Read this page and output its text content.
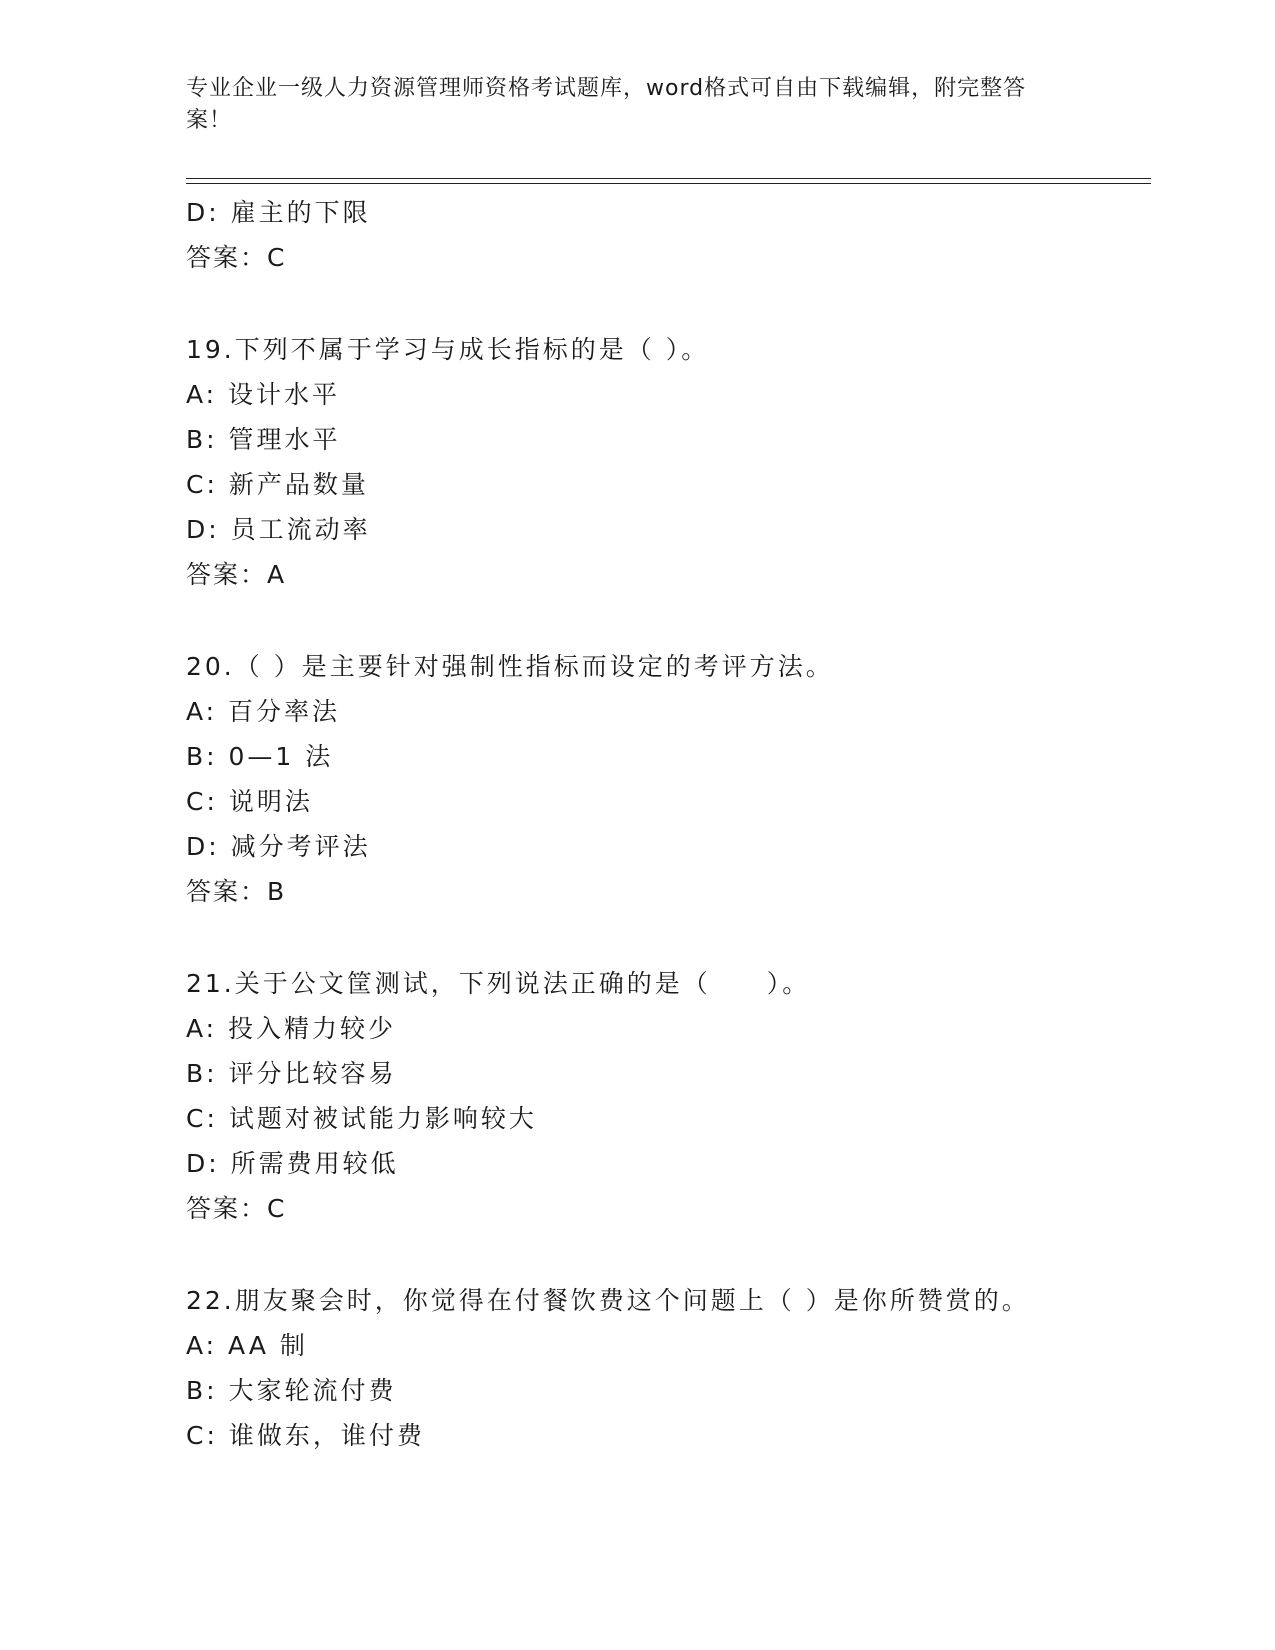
专业企业一级人力资源管理师资格考试题库，word格式可自由下载编辑，附完整答案！
D: 雇主的下限
答案：C
19.下列不属于学习与成长指标的是（ ）。
A: 设计水平
B: 管理水平
C: 新产品数量
D: 员工流动率
答案：A
20.（ ）是主要针对强制性指标而设定的考评方法。
A: 百分率法
B: 0—1 法
C: 说明法
D: 减分考评法
答案：B
21.关于公文筐测试，下列说法正确的是（　　）。
A: 投入精力较少
B: 评分比较容易
C: 试题对被试能力影响较大
D: 所需费用较低
答案：C
22.朋友聚会时，你觉得在付餐饮费这个问题上（ ）是你所赞赏的。
A: AA 制
B: 大家轮流付费
C: 谁做东，谁付费
